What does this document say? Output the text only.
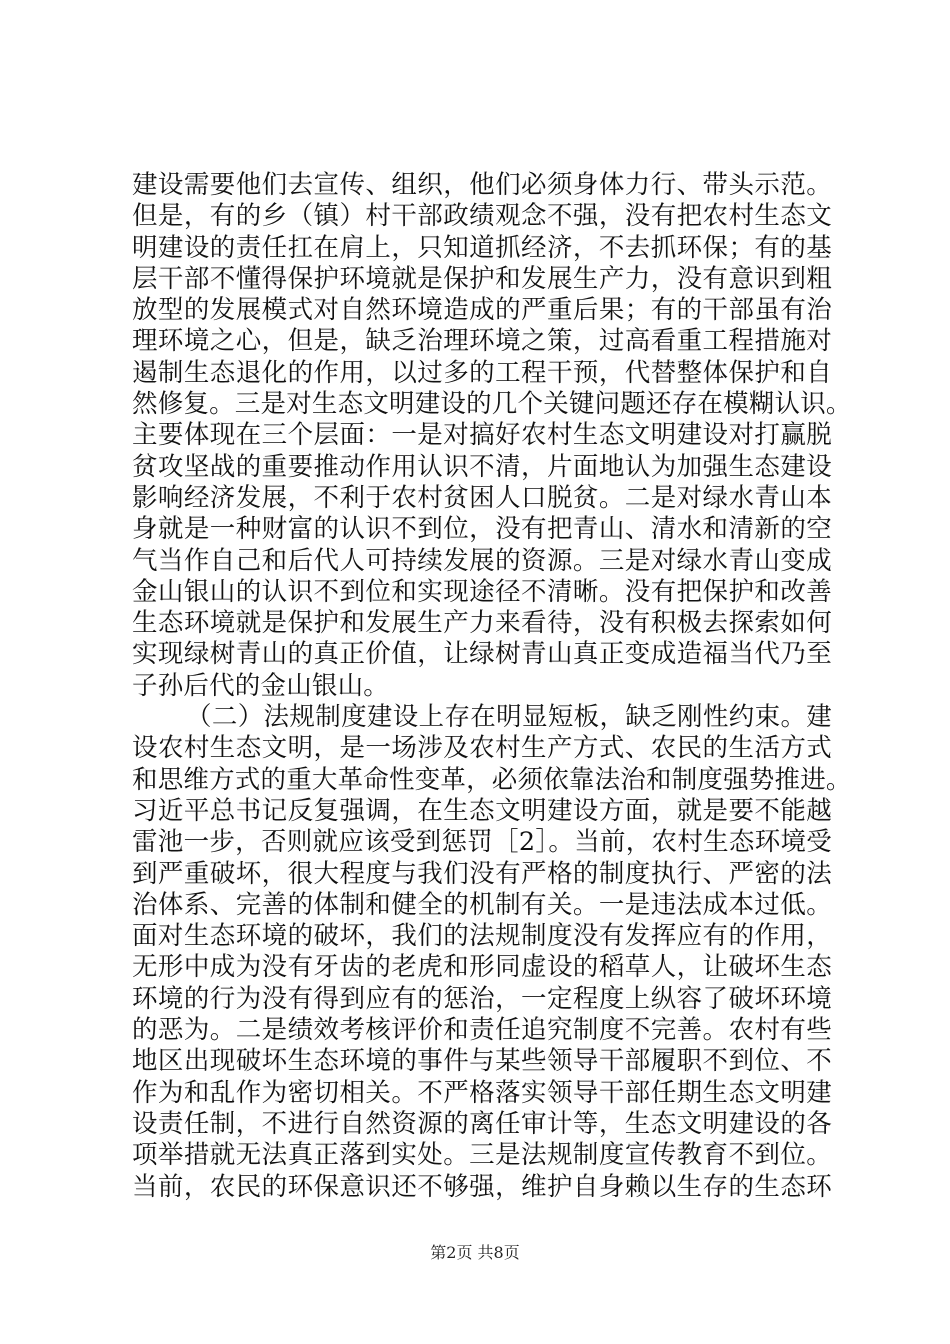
建设需要他们去宣传、组织，他们必须身体力行、带头示范。
但是，有的乡（镇）村干部政绩观念不强，没有把农村生态文
明建设的责任扛在肩上，只知道抓经济，不去抓环保；有的基
层干部不懂得保护环境就是保护和发展生产力，没有意识到粗
放型的发展模式对自然环境造成的严重后果；有的干部虽有治
理环境之心，但是，缺乏治理环境之策，过高看重工程措施对
遏制生态退化的作用，以过多的工程干预，代替整体保护和自
然修复。三是对生态文明建设的几个关键问题还存在模糊认识。
主要体现在三个层面：一是对搞好农村生态文明建设对打赢脱
贫攻坚战的重要推动作用认识不清，片面地认为加强生态建设
影响经济发展，不利于农村贫困人口脱贫。二是对绿水青山本
身就是一种财富的认识不到位，没有把青山、清水和清新的空
气当作自己和后代人可持续发展的资源。三是对绿水青山变成
金山银山的认识不到位和实现途径不清晰。没有把保护和改善
生态环境就是保护和发展生产力来看待，没有积极去探索如何
实现绿树青山的真正价值，让绿树青山真正变成造福当代乃至
子孙后代的金山银山。
（二）法规制度建设上存在明显短板，缺乏刚性约束。建
设农村生态文明，是一场涉及农村生产方式、农民的生活方式
和思维方式的重大革命性变革，必须依靠法治和制度强势推进。
习近平总书记反复强调，在生态文明建设方面，就是要不能越
雷池一步，否则就应该受到惩罚［2］。当前，农村生态环境受
到严重破坏，很大程度与我们没有严格的制度执行、严密的法
治体系、完善的体制和健全的机制有关。一是违法成本过低。
面对生态环境的破坏，我们的法规制度没有发挥应有的作用，
无形中成为没有牙齿的老虎和形同虚设的稻草人，让破坏生态
环境的行为没有得到应有的惩治，一定程度上纵容了破坏环境
的恶为。二是绩效考核评价和责任追究制度不完善。农村有些
地区出现破坏生态环境的事件与某些领导干部履职不到位、不
作为和乱作为密切相关。不严格落实领导干部任期生态文明建
设责任制，不进行自然资源的离任审计等，生态文明建设的各
项举措就无法真正落到实处。三是法规制度宣传教育不到位。
当前，农民的环保意识还不够强，维护自身赖以生存的生态环
第2页 共8页
